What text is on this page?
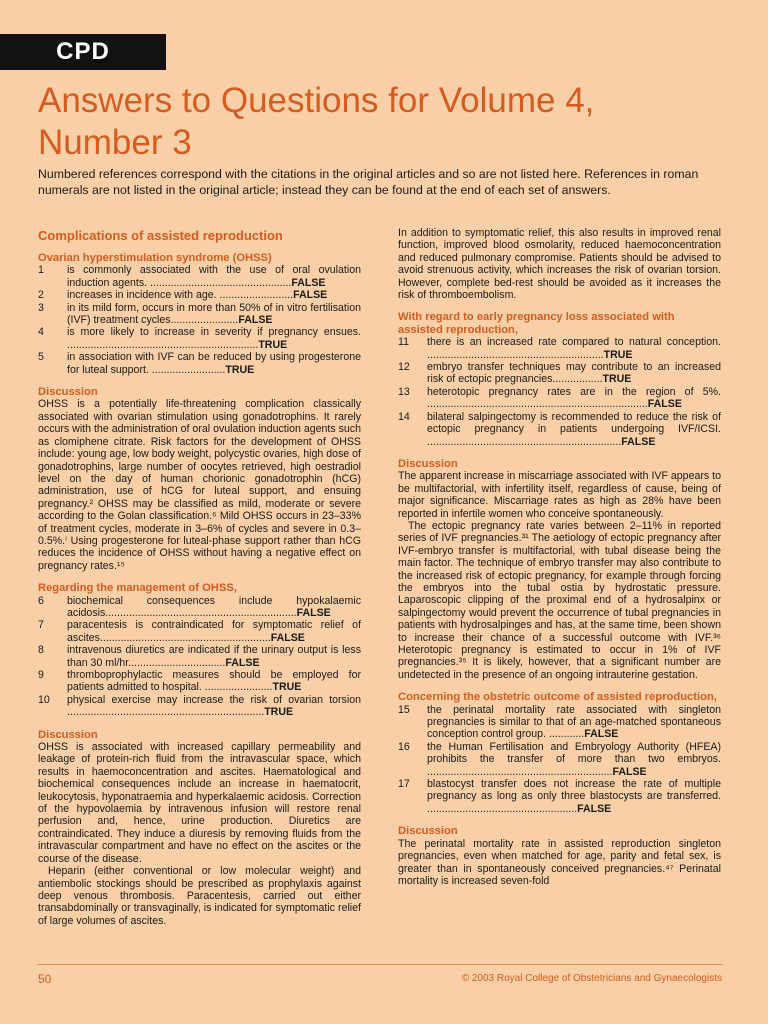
CPD
Answers to Questions for Volume 4,
Number 3
Numbered references correspond with the citations in the original articles and so are not listed here. References in roman numerals are not listed in the original article; instead they can be found at the end of each set of answers.
Complications of assisted reproduction
Ovarian hyperstimulation syndrome (OHSS)
1	is commonly associated with the use of oral ovulation induction agents. ................................................FALSE
2	increases in incidence with age. .........................FALSE
3	in its mild form, occurs in more than 50% of in vitro fertilisation (IVF) treatment cycles.......................FALSE
4	is more likely to increase in severity if pregnancy ensues. .................................................................TRUE
5	in association with IVF can be reduced by using progesterone for luteal support. .........................TRUE
Discussion

OHSS is a potentially life-threatening complication classically associated with ovarian stimulation using gonadotrophins. It rarely occurs with the administration of oral ovulation induction agents such as clomiphene citrate. Risk factors for the development of OHSS include: young age, low body weight, polycystic ovaries, high dose of gonadotrophins, large number of oocytes retrieved, high oestradiol level on the day of human chorionic gonadotrophin (hCG) administration, use of hCG for luteal support, and ensuing pregnancy.² OHSS may be classified as mild, moderate or severe according to the Golan classification.⁶ Mild OHSS occurs in 23–33% of treatment cycles, moderate in 3–6% of cycles and severe in 0.3–0.5%.ⁱ Using progesterone for luteal-phase support rather than hCG reduces the incidence of OHSS without having a negative effect on pregnancy rates.¹⁵

Regarding the management of OHSS,
6	biochemical consequences include hypokalaemic acidosis.................................................................FALSE
7	paracentesis is contraindicated for symptomatic relief of ascites..........................................................FALSE
8	intravenous diuretics are indicated if the urinary output is less than 30 ml/hr.................................FALSE
9	thromboprophylactic measures should be employed for patients admitted to hospital. .......................TRUE
10	physical exercise may increase the risk of ovarian torsion ...................................................................TRUE
Discussion

OHSS is associated with increased capillary permeability and leakage of protein-rich fluid from the intravascular space, which results in haemoconcentration and ascites. Haematological and biochemical consequences include an increase in haematocrit, leukocytosis, hyponatraemia and hyperkalaemic acidosis. Correction of the hypovolaemia by intravenous infusion will restore renal perfusion and, hence, urine production. Diuretics are contraindicated. They induce a diuresis by removing fluids from the intravascular compartment and have no effect on the ascites or the course of the disease.

Heparin (either conventional or low molecular weight) and antiembolic stockings should be prescribed as prophylaxis against deep venous thrombosis. Paracentesis, carried out either transabdominally or transvaginally, is indicated for symptomatic relief of large volumes of ascites.

In addition to symptomatic relief, this also results in improved renal function, improved blood osmolarity, reduced haemoconcentration and reduced pulmonary compromise. Patients should be advised to avoid strenuous activity, which increases the risk of ovarian torsion. However, complete bed-rest should be avoided as it increases the risk of thromboembolism.

With regard to early pregnancy loss associated with assisted reproduction,
11	there is an increased rate compared to natural conception. ............................................................TRUE
12	embryo transfer techniques may contribute to an increased risk of ectopic pregnancies.................TRUE
13	heterotopic pregnancy rates are in the region of 5%. ...........................................................................FALSE
14	bilateral salpingectomy is recommended to reduce the risk of ectopic pregnancy in patients undergoing IVF/ICSI. ..................................................................FALSE
Discussion

The apparent increase in miscarriage associated with IVF appears to be multifactorial, with infertility itself, regardless of cause, being of major significance. Miscarriage rates as high as 28% have been reported in infertile women who conceive spontaneously.

The ectopic pregnancy rate varies between 2–11% in reported series of IVF pregnancies.³¹ The aetiology of ectopic pregnancy after IVF-embryo transfer is multifactorial, with tubal disease being the main factor. The technique of embryo transfer may also contribute to the increased risk of ectopic pregnancy, for example through forcing the embryos into the tubal ostia by hydrostatic pressure. Laparoscopic clipping of the proximal end of a hydrosalpinx or salpingectomy would prevent the occurrence of tubal pregnancies in patients with hydrosalpinges and has, at the same time, been shown to increase their chance of a successful outcome with IVF.³⁶ Heterotopic pregnancy is estimated to occur in 1% of IVF pregnancies.³⁵ It is likely, however, that a significant number are undetected in the presence of an ongoing intrauterine gestation.

Concerning the obstetric outcome of assisted reproduction,
15	the perinatal mortality rate associated with singleton pregnancies is similar to that of an age-matched spontaneous conception control group. ............FALSE
16	the Human Fertilisation and Embryology Authority (HFEA) prohibits the transfer of more than two embryos. ...............................................................FALSE
17	blastocyst transfer does not increase the rate of multiple pregnancy as long as only three blastocysts are transferred. ...................................................FALSE
Discussion

The perinatal mortality rate in assisted reproduction singleton pregnancies, even when matched for age, parity and fetal sex, is greater than in spontaneously conceived pregnancies.⁴⁷ Perinatal mortality is increased seven-fold

50	© 2003 Royal College of Obstetricians and Gynaecologists
